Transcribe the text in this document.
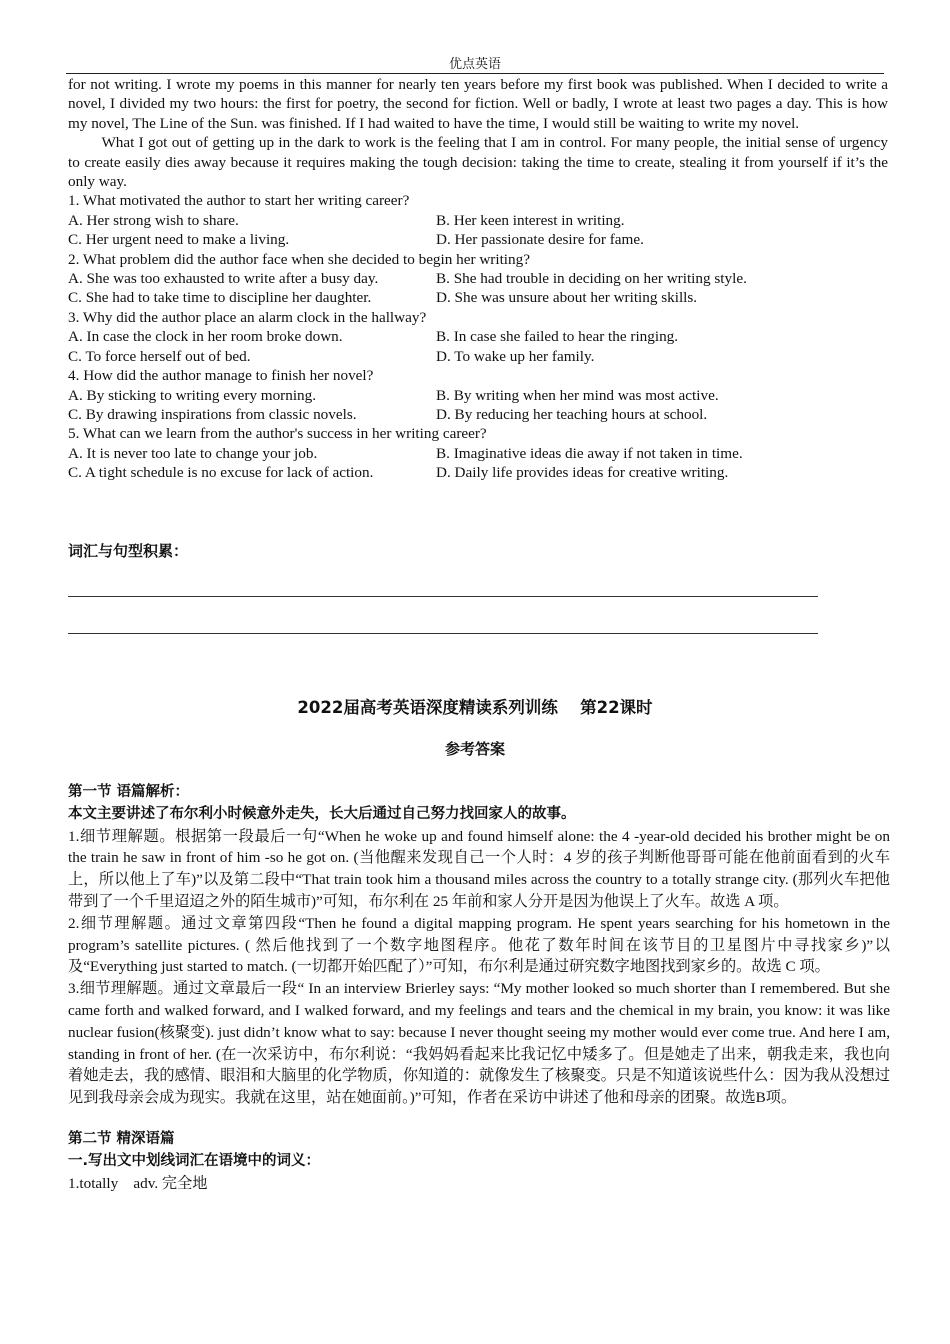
优点英语

for not writing. I wrote my poems in this manner for nearly ten years before my first book was published. When I decided to write a novel, I divided my two hours: the first for poetry, the second for fiction. Well or badly, I wrote at least two pages a day. This is how my novel, The Line of the Sun. was finished. If I had waited to have the time, I would still be waiting to write my novel.

What I got out of getting up in the dark to work is the feeling that I am in control. For many people, the initial sense of urgency to create easily dies away because it requires making the tough decision: taking the time to create, stealing it from yourself if it’s the only way.

1. What motivated the author to start her writing career?

A. Her strong wish to share.	B. Her keen interest in writing.
C. Her urgent need to make a living.	D. Her passionate desire for fame.

2. What problem did the author face when she decided to begin her writing?

A. She was too exhausted to write after a busy day.	B. She had trouble in deciding on her writing style.
C. She had to take time to discipline her daughter.	D. She was unsure about her writing skills.

3. Why did the author place an alarm clock in the hallway?

A. In case the clock in her room broke down.	B. In case she failed to hear the ringing.
C. To force herself out of bed.	D. To wake up her family.

4. How did the author manage to finish her novel?

A. By sticking to writing every morning.	B. By writing when her mind was most active.
C. By drawing inspirations from classic novels.	D. By reducing her teaching hours at school.

5. What can we learn from the author's success in her writing career?

A. It is never too late to change your job.	B. Imaginative ideas die away if not taken in time.
C. A tight schedule is no excuse for lack of action.	D. Daily life provides ideas for creative writing.
词汇与句型积累：
2022届高考英语深度精读系列训练　 第22课时
参考答案

第一节 语篇解析：

本文主要讲述了布尔利小时候意外走失，长大后通过自己努力找回家人的故事。

1.细节理解题。根据第一段最后一句“When he woke up and found himself alone: the 4 -year-old decided his brother might be on the train he saw in front of him -so he got on. (当他醒来发现自己一个人时：4 岁的孩子判断他哥哥可能在他前面看到的火车上，所以他上了车)”以及第二段中“That train took him a thousand miles across the country to a totally strange city. (那列火车把他带到了一个千里迢迢之外的陌生城市)”可知，布尔利在 25 年前和家人分开是因为他误上了火车。故选 A 项。

2.细节理解题。通过文章第四段“Then he found a digital mapping program. He spent years searching for his hometown in the program’s satellite pictures. ( 然后他找到了一个数字地图程序。他花了数年时间在该节目的卫星图片中寻找家乡)”以及“Everything just started to match. (一切都开始匹配了）”可知，布尔利是通过研究数字地图找到家乡的。故选 C 项。

3.细节理解题。通过文章最后一段“ In an interview Brierley says: “My mother looked so much shorter than I remembered. But she came forth and walked forward, and I walked forward, and my feelings and tears and the chemical in my brain, you know: it was like nuclear fusion(核聚变). just didn’t know what to say: because I never thought seeing my mother would ever come true. And here I am, standing in front of her. (在一次采访中，布尔利说：“我妈妈看起来比我记忆中矮多了。但是她走了出来，朝我走来，我也向着她走去，我的感情、眼泪和大脑里的化学物质，你知道的：就像发生了核聚变。只是不知道该说些什么：因为我从没想过见到我母亲会成为现实。我就在这里，站在她面前。)”可知，作者在采访中讲述了他和母亲的团聚。故选B项。

第二节 精深语篇

一.写出文中划线词汇在语境中的词义：

1.totally　adv. 完全地
